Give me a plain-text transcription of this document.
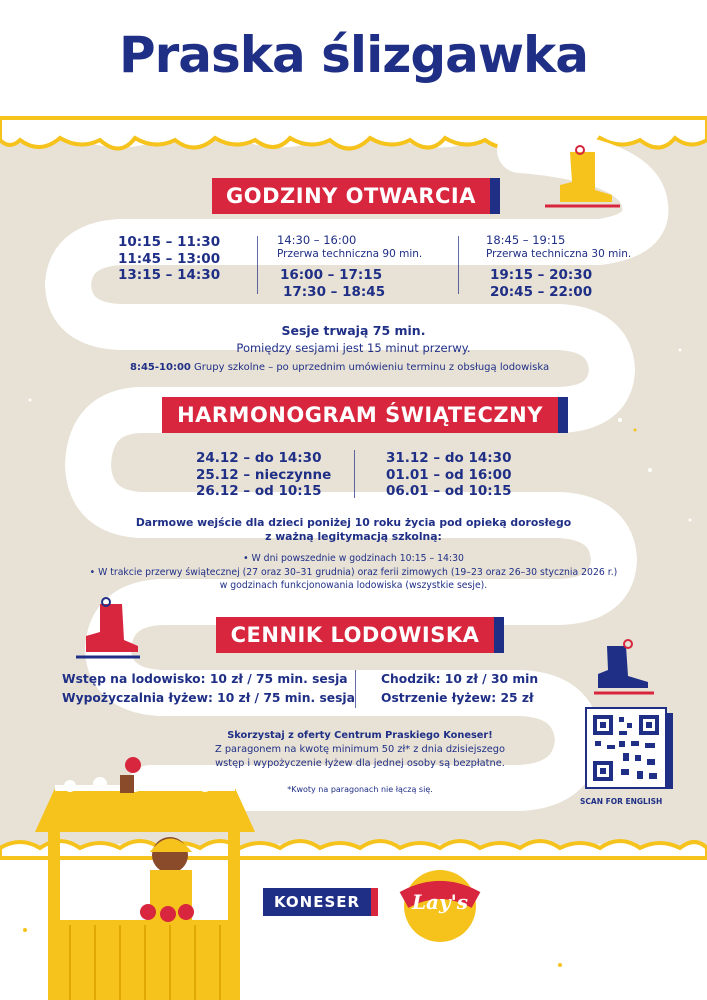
Praska ślizgawka
GODZINY OTWARCIA
10:15 – 11:30
11:45 – 13:00
13:15 – 14:30
14:30 – 16:00
Przerwa techniczna 90 min.
16:00 – 17:15
17:30 – 18:45
18:45 – 19:15
Przerwa techniczna 30 min.
19:15 – 20:30
20:45 – 22:00
Sesje trwają 75 min.
Pomiędzy sesjami jest 15 minut przerwy.
8:45-10:00 Grupy szkolne – po uprzednim umówieniu terminu z obsługą lodowiska
HARMONOGRAM ŚWIĄTECZNY
24.12 – do 14:30
25.12 – nieczynne
26.12 – od 10:15
31.12 – do 14:30
01.01 – od 16:00
06.01 – od 10:15
Darmowe wejście dla dzieci poniżej 10 roku życia pod opieką dorosłego
z ważną legitymacją szkolną:
• W dni powszednie w godzinach 10:15 – 14:30
• W trakcie przerwy świątecznej (27 oraz 30–31 grudnia) oraz ferii zimowych (19–23 oraz 26–30 stycznia 2026 r.)
w godzinach funkcjonowania lodowiska (wszystkie sesje).
CENNIK LODOWISKA
Wstęp na lodowisko: 10 zł / 75 min. sesja
Wypożyczalnia łyżew: 10 zł / 75 min. sesja
Chodzik: 10 zł / 30 min
Ostrzenie łyżew: 25 zł
Skorzystaj z oferty Centrum Praskiego Koneser!
Z paragonem na kwotę minimum 50 zł* z dnia dzisiejszego
wstęp i wypożyczenie łyżew dla jednej osoby są bezpłatne.
*Kwoty na paragonach nie łączą się.
SCAN FOR ENGLISH
KONESER	Lay's
